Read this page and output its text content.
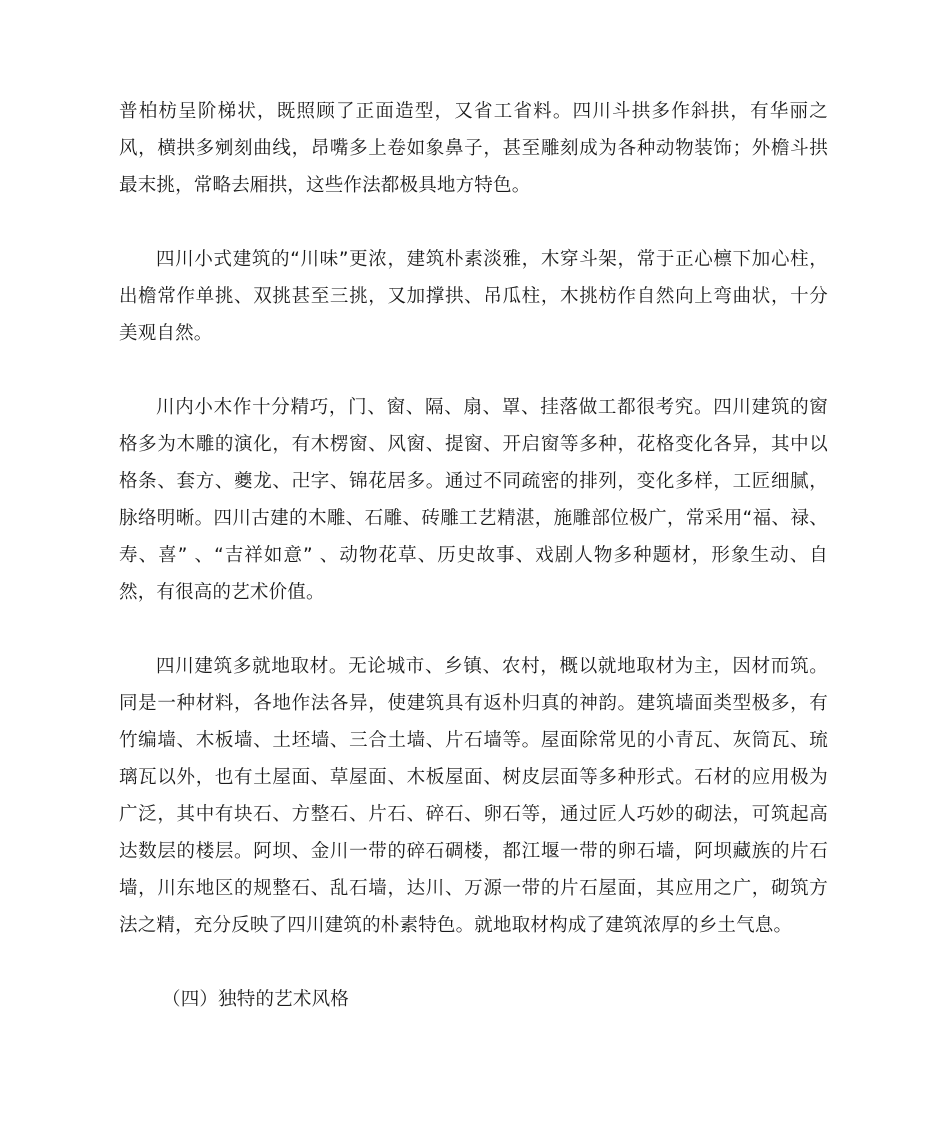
普柏枋呈阶梯状，既照顾了正面造型，又省工省料。四川斗拱多作斜拱，有华丽之风，横拱多剜刻曲线，昂嘴多上卷如象鼻子，甚至雕刻成为各种动物装饰；外檐斗拱最末挑，常略去厢拱，这些作法都极具地方特色。

四川小式建筑的“川味”更浓，建筑朴素淡雅，木穿斗架，常于正心檩下加心柱，出檐常作单挑、双挑甚至三挑，又加撑拱、吊瓜柱，木挑枋作自然向上弯曲状，十分美观自然。

川内小木作十分精巧，门、窗、隔、扇、罩、挂落做工都很考究。四川建筑的窗格多为木雕的演化，有木楞窗、风窗、提窗、开启窗等多种，花格变化各异，其中以格条、套方、夔龙、卍字、锦花居多。通过不同疏密的排列，变化多样，工匠细腻，脉络明晰。四川古建的木雕、石雕、砖雕工艺精湛，施雕部位极广，常采用“福、禄、寿、喜” 、“吉祥如意” 、动物花草、历史故事、戏剧人物多种题材，形象生动、自然，有很高的艺术价值。

四川建筑多就地取材。无论城市、乡镇、农村，概以就地取材为主，因材而筑。同是一种材料，各地作法各异，使建筑具有返朴归真的神韵。建筑墙面类型极多，有竹编墙、木板墙、土坯墙、三合土墙、片石墙等。屋面除常见的小青瓦、灰筒瓦、琉璃瓦以外，也有土屋面、草屋面、木板屋面、树皮层面等多种形式。石材的应用极为广泛，其中有块石、方整石、片石、碎石、卵石等，通过匠人巧妙的砌法，可筑起高达数层的楼层。阿坝、金川一带的碎石碉楼，都江堰一带的卵石墙，阿坝藏族的片石墙，川东地区的规整石、乱石墙，达川、万源一带的片石屋面，其应用之广，砌筑方法之精，充分反映了四川建筑的朴素特色。就地取材构成了建筑浓厚的乡土气息。

（四）独特的艺术风格
